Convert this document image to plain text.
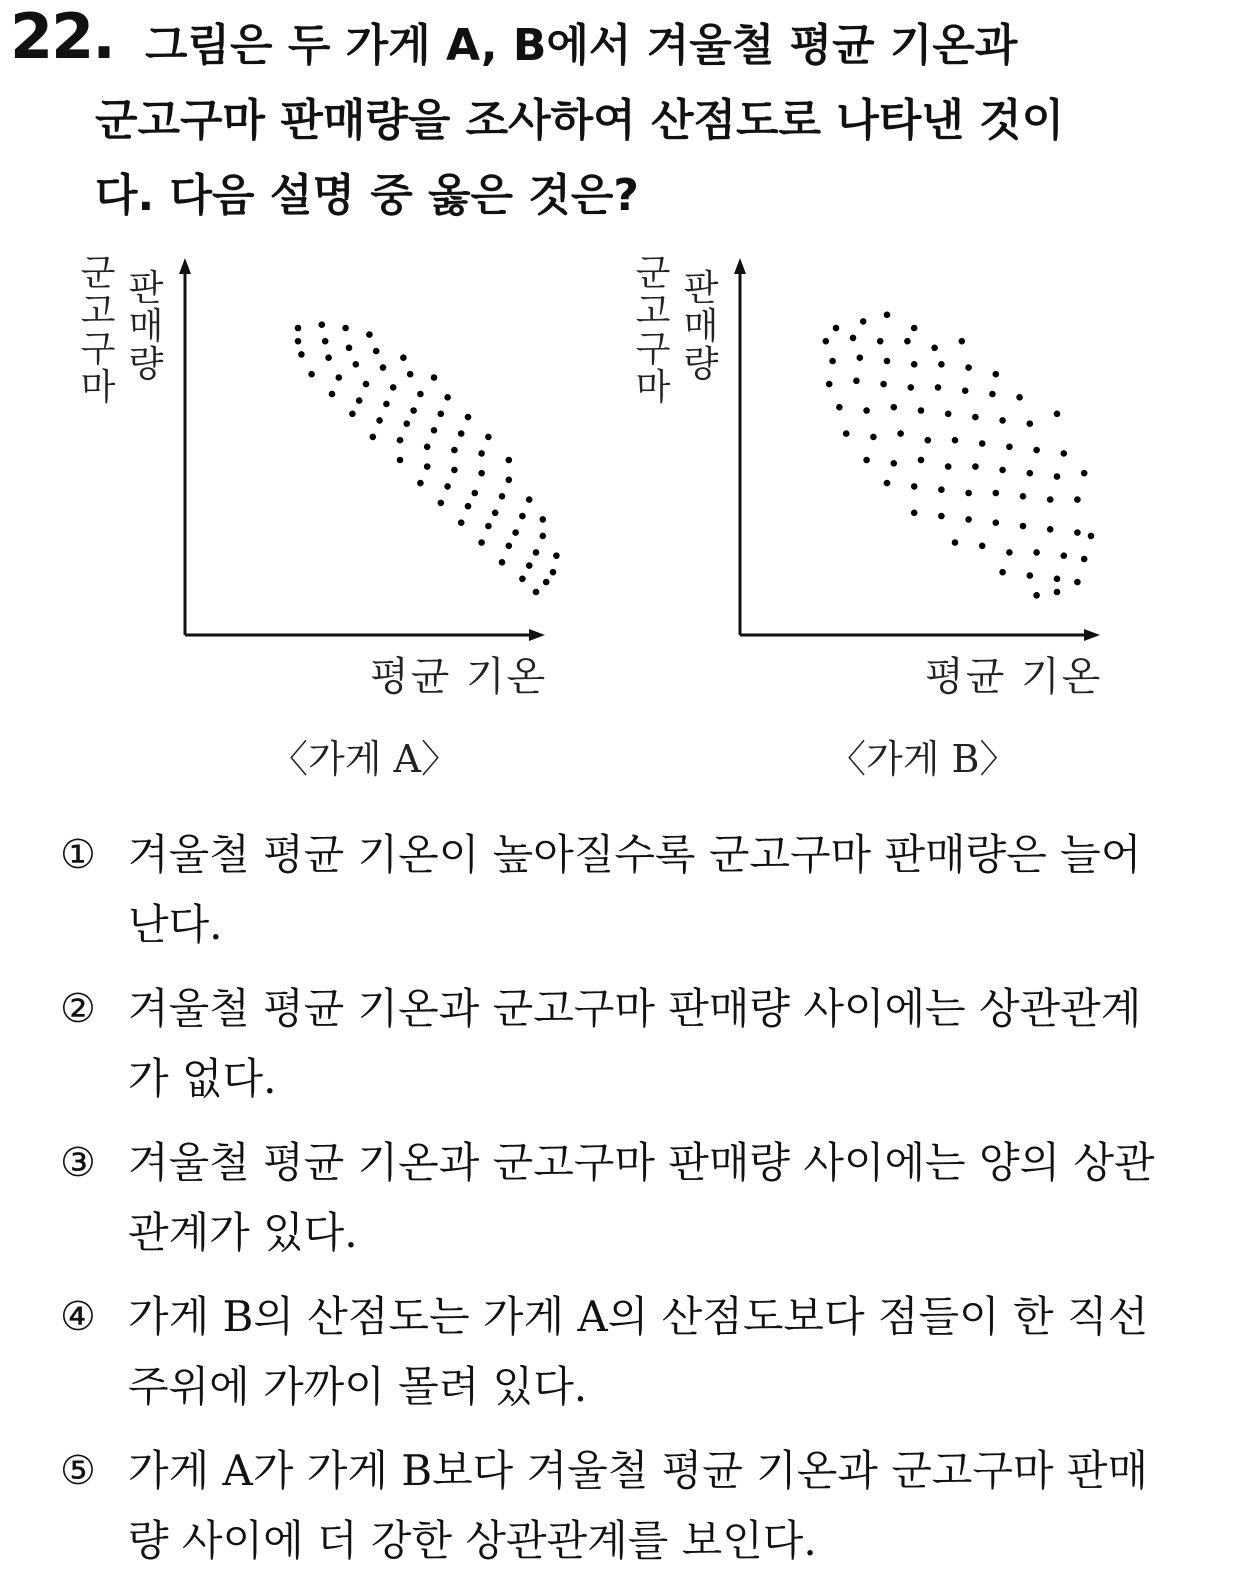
22. 그림은 두 가게 A, B에서 겨울철 평균 기온과
군고구마 판매량을 조사하여 산점도로 나타낸 것이
다. 다음 설명 중 옳은 것은?
군고구마
판매량
평균 기온
군고구마
판매량
평균 기온
〈가게 A〉	〈가게 B〉
① 겨울철 평균 기온이 높아질수록 군고구마 판매량은 늘어난다.
② 겨울철 평균 기온과 군고구마 판매량 사이에는 상관관계가 없다.
③ 겨울철 평균 기온과 군고구마 판매량 사이에는 양의 상관관계가 있다.
④ 가게 B의 산점도는 가게 A의 산점도보다 점들이 한 직선 주위에 가까이 몰려 있다.
⑤ 가게 A가 가게 B보다 겨울철 평균 기온과 군고구마 판매량 사이에 더 강한 상관관계를 보인다.
